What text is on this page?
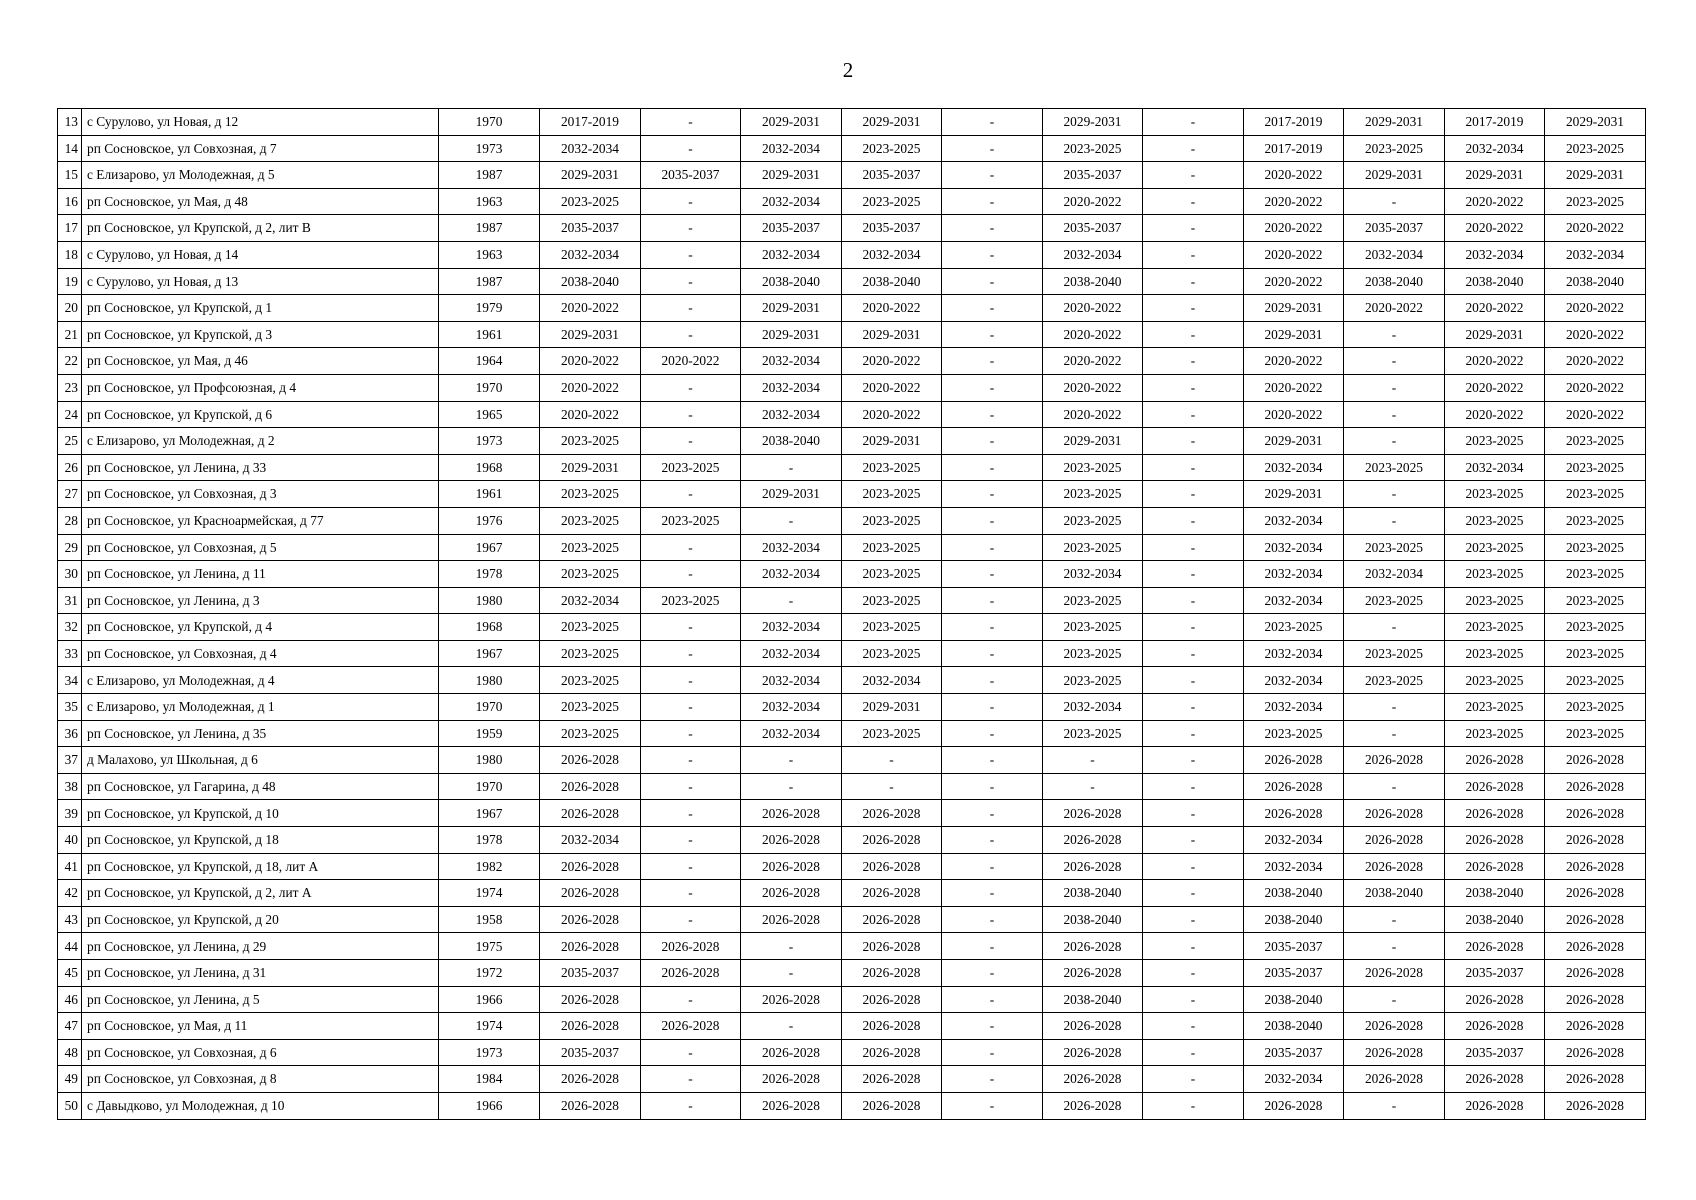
2
13	с Сурулово, ул Новая, д 12	1970	2017-2019	-	2029-2031	2029-2031	-	2029-2031	-	2017-2019	2029-2031	2017-2019	2029-2031
14	рп Сосновское, ул Совхозная, д 7	1973	2032-2034	-	2032-2034	2023-2025	-	2023-2025	-	2017-2019	2023-2025	2032-2034	2023-2025
15	с Елизарово, ул Молодежная, д 5	1987	2029-2031	2035-2037	2029-2031	2035-2037	-	2035-2037	-	2020-2022	2029-2031	2029-2031	2029-2031
16	рп Сосновское, ул Мая, д 48	1963	2023-2025	-	2032-2034	2023-2025	-	2020-2022	-	2020-2022	-	2020-2022	2023-2025
17	рп Сосновское, ул Крупской, д 2, лит В	1987	2035-2037	-	2035-2037	2035-2037	-	2035-2037	-	2020-2022	2035-2037	2020-2022	2020-2022
18	с Сурулово, ул Новая, д 14	1963	2032-2034	-	2032-2034	2032-2034	-	2032-2034	-	2020-2022	2032-2034	2032-2034	2032-2034
19	с Сурулово, ул Новая, д 13	1987	2038-2040	-	2038-2040	2038-2040	-	2038-2040	-	2020-2022	2038-2040	2038-2040	2038-2040
20	рп Сосновское, ул Крупской, д 1	1979	2020-2022	-	2029-2031	2020-2022	-	2020-2022	-	2029-2031	2020-2022	2020-2022	2020-2022
21	рп Сосновское, ул Крупской, д 3	1961	2029-2031	-	2029-2031	2029-2031	-	2020-2022	-	2029-2031	-	2029-2031	2020-2022
22	рп Сосновское, ул Мая, д 46	1964	2020-2022	2020-2022	2032-2034	2020-2022	-	2020-2022	-	2020-2022	-	2020-2022	2020-2022
23	рп Сосновское, ул Профсоюзная, д 4	1970	2020-2022	-	2032-2034	2020-2022	-	2020-2022	-	2020-2022	-	2020-2022	2020-2022
24	рп Сосновское, ул Крупской, д 6	1965	2020-2022	-	2032-2034	2020-2022	-	2020-2022	-	2020-2022	-	2020-2022	2020-2022
25	с Елизарово, ул Молодежная, д 2	1973	2023-2025	-	2038-2040	2029-2031	-	2029-2031	-	2029-2031	-	2023-2025	2023-2025
26	рп Сосновское, ул Ленина, д 33	1968	2029-2031	2023-2025	-	2023-2025	-	2023-2025	-	2032-2034	2023-2025	2032-2034	2023-2025
27	рп Сосновское, ул Совхозная, д 3	1961	2023-2025	-	2029-2031	2023-2025	-	2023-2025	-	2029-2031	-	2023-2025	2023-2025
28	рп Сосновское, ул Красноармейская, д 77	1976	2023-2025	2023-2025	-	2023-2025	-	2023-2025	-	2032-2034	-	2023-2025	2023-2025
29	рп Сосновское, ул Совхозная, д 5	1967	2023-2025	-	2032-2034	2023-2025	-	2023-2025	-	2032-2034	2023-2025	2023-2025	2023-2025
30	рп Сосновское, ул Ленина, д 11	1978	2023-2025	-	2032-2034	2023-2025	-	2032-2034	-	2032-2034	2032-2034	2023-2025	2023-2025
31	рп Сосновское, ул Ленина, д 3	1980	2032-2034	2023-2025	-	2023-2025	-	2023-2025	-	2032-2034	2023-2025	2023-2025	2023-2025
32	рп Сосновское, ул Крупской, д 4	1968	2023-2025	-	2032-2034	2023-2025	-	2023-2025	-	2023-2025	-	2023-2025	2023-2025
33	рп Сосновское, ул Совхозная, д 4	1967	2023-2025	-	2032-2034	2023-2025	-	2023-2025	-	2032-2034	2023-2025	2023-2025	2023-2025
34	с Елизарово, ул Молодежная, д 4	1980	2023-2025	-	2032-2034	2032-2034	-	2023-2025	-	2032-2034	2023-2025	2023-2025	2023-2025
35	с Елизарово, ул Молодежная, д 1	1970	2023-2025	-	2032-2034	2029-2031	-	2032-2034	-	2032-2034	-	2023-2025	2023-2025
36	рп Сосновское, ул Ленина, д 35	1959	2023-2025	-	2032-2034	2023-2025	-	2023-2025	-	2023-2025	-	2023-2025	2023-2025
37	д Малахово, ул Школьная, д 6	1980	2026-2028	-	-	-	-	-	-	2026-2028	2026-2028	2026-2028	2026-2028
38	рп Сосновское, ул Гагарина, д 48	1970	2026-2028	-	-	-	-	-	-	2026-2028	-	2026-2028	2026-2028
39	рп Сосновское, ул Крупской, д 10	1967	2026-2028	-	2026-2028	2026-2028	-	2026-2028	-	2026-2028	2026-2028	2026-2028	2026-2028
40	рп Сосновское, ул Крупской, д 18	1978	2032-2034	-	2026-2028	2026-2028	-	2026-2028	-	2032-2034	2026-2028	2026-2028	2026-2028
41	рп Сосновское, ул Крупской, д 18, лит А	1982	2026-2028	-	2026-2028	2026-2028	-	2026-2028	-	2032-2034	2026-2028	2026-2028	2026-2028
42	рп Сосновское, ул Крупской, д 2, лит А	1974	2026-2028	-	2026-2028	2026-2028	-	2038-2040	-	2038-2040	2038-2040	2038-2040	2026-2028
43	рп Сосновское, ул Крупской, д 20	1958	2026-2028	-	2026-2028	2026-2028	-	2038-2040	-	2038-2040	-	2038-2040	2026-2028
44	рп Сосновское, ул Ленина, д 29	1975	2026-2028	2026-2028	-	2026-2028	-	2026-2028	-	2035-2037	-	2026-2028	2026-2028
45	рп Сосновское, ул Ленина, д 31	1972	2035-2037	2026-2028	-	2026-2028	-	2026-2028	-	2035-2037	2026-2028	2035-2037	2026-2028
46	рп Сосновское, ул Ленина, д 5	1966	2026-2028	-	2026-2028	2026-2028	-	2038-2040	-	2038-2040	-	2026-2028	2026-2028
47	рп Сосновское, ул Мая, д 11	1974	2026-2028	2026-2028	-	2026-2028	-	2026-2028	-	2038-2040	2026-2028	2026-2028	2026-2028
48	рп Сосновское, ул Совхозная, д 6	1973	2035-2037	-	2026-2028	2026-2028	-	2026-2028	-	2035-2037	2026-2028	2035-2037	2026-2028
49	рп Сосновское, ул Совхозная, д 8	1984	2026-2028	-	2026-2028	2026-2028	-	2026-2028	-	2032-2034	2026-2028	2026-2028	2026-2028
50	с Давыдково, ул Молодежная, д 10	1966	2026-2028	-	2026-2028	2026-2028	-	2026-2028	-	2026-2028	-	2026-2028	2026-2028
